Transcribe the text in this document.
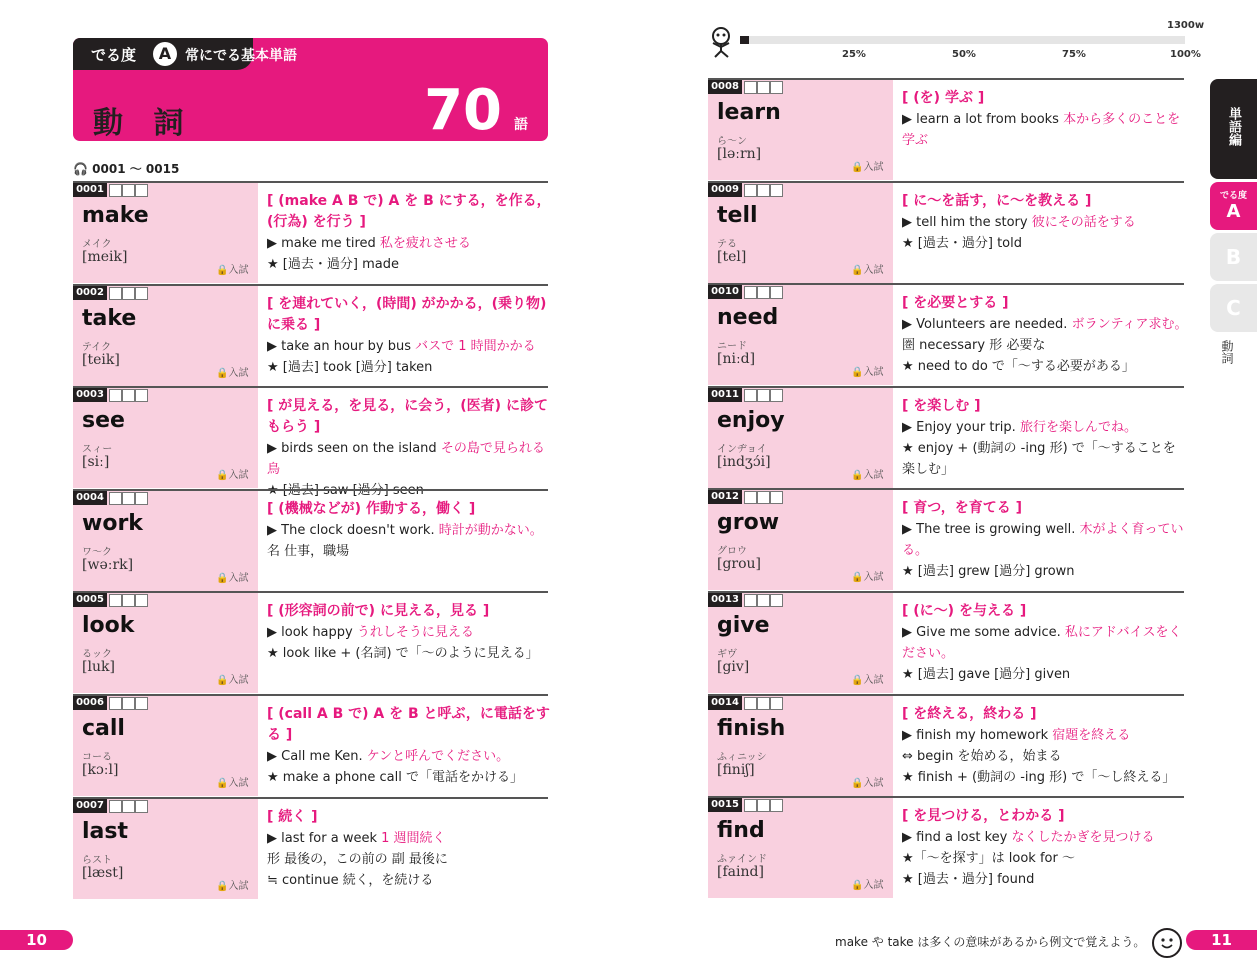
でる度	A 常にでる基本単語
動 詞	70 語
🎧 0001 ～ 0015
1300w
25%	50%	75%	100%
単語編
でる度
A
B
C
動詞
0001
make
メイク
[meik]
🔒入試
[ (make A B で) A を B にする，を作る，(行為) を行う ]
▶ make me tired 私を疲れさせる
★ [過去・過分] made
0002
take
テイク
[teik]
🔒入試
[ を連れていく，(時間) がかかる，(乗り物) に乗る ]
▶ take an hour by bus バスで 1 時間かかる
★ [過去] took [過分] taken
0003
see
スィー
[siː]
🔒入試
[ が見える，を見る，に会う，(医者) に診てもらう ]
▶ birds seen on the island その島で見られる鳥
★ [過去] saw [過分] seen
0004
work
ワ～ク
[wəːrk]
🔒入試
[ (機械などが) 作動する，働く ]
▶ The clock doesn't work. 時計が動かない。
名 仕事，職場
0005
look
るック
[luk]
🔒入試
[ (形容詞の前で) に見える，見る ]
▶ look happy うれしそうに見える
★ look like + (名詞) で「～のように見える」
0006
call
コーる
[kɔːl]
🔒入試
[ (call A B で) A を B と呼ぶ，に電話をする ]
▶ Call me Ken. ケンと呼んでください。
★ make a phone call で「電話をかける」
0007
last
らスト
[læst]
🔒入試
[ 続く ]
▶ last for a week 1 週間続く
形 最後の，この前の 副 最後に
≒ continue 続く，を続ける
0008
learn
ら～ン
[ləːrn]
🔒入試
[ (を) 学ぶ ]
▶ learn a lot from books 本から多くのことを学ぶ
0009
tell
テる
[tel]
🔒入試
[ に～を話す，に～を教える ]
▶ tell him the story 彼にその話をする
★ [過去・過分] told
0010
need
ニード
[niːd]
🔒入試
[ を必要とする ]
▶ Volunteers are needed. ボランティア求む。
圏 necessary 形 必要な
★ need to do で「～する必要がある」
0011
enjoy
インヂョイ
[indʒɔ́i]
🔒入試
[ を楽しむ ]
▶ Enjoy your trip. 旅行を楽しんでね。
★ enjoy + (動詞の -ing 形) で「～することを楽しむ」
0012
grow
グロウ
[grou]
🔒入試
[ 育つ，を育てる ]
▶ The tree is growing well. 木がよく育っている。
★ [過去] grew [過分] grown
0013
give
ギヴ
[giv]
🔒入試
[ (に～) を与える ]
▶ Give me some advice. 私にアドバイスをください。
★ [過去] gave [過分] given
0014
finish
ふィニッシ
[finiʃ]
🔒入試
[ を終える，終わる ]
▶ finish my homework 宿題を終える
⇔ begin を始める，始まる
★ finish + (動詞の -ing 形) で「～し終える」
0015
find
ふァインド
[faind]
🔒入試
[ を見つける，とわかる ]
▶ find a lost key なくしたかぎを見つける
★「～を探す」は look for ～
★ [過去・過分] found
10	make や take は多くの意味があるから例文で覚えよう。	11
